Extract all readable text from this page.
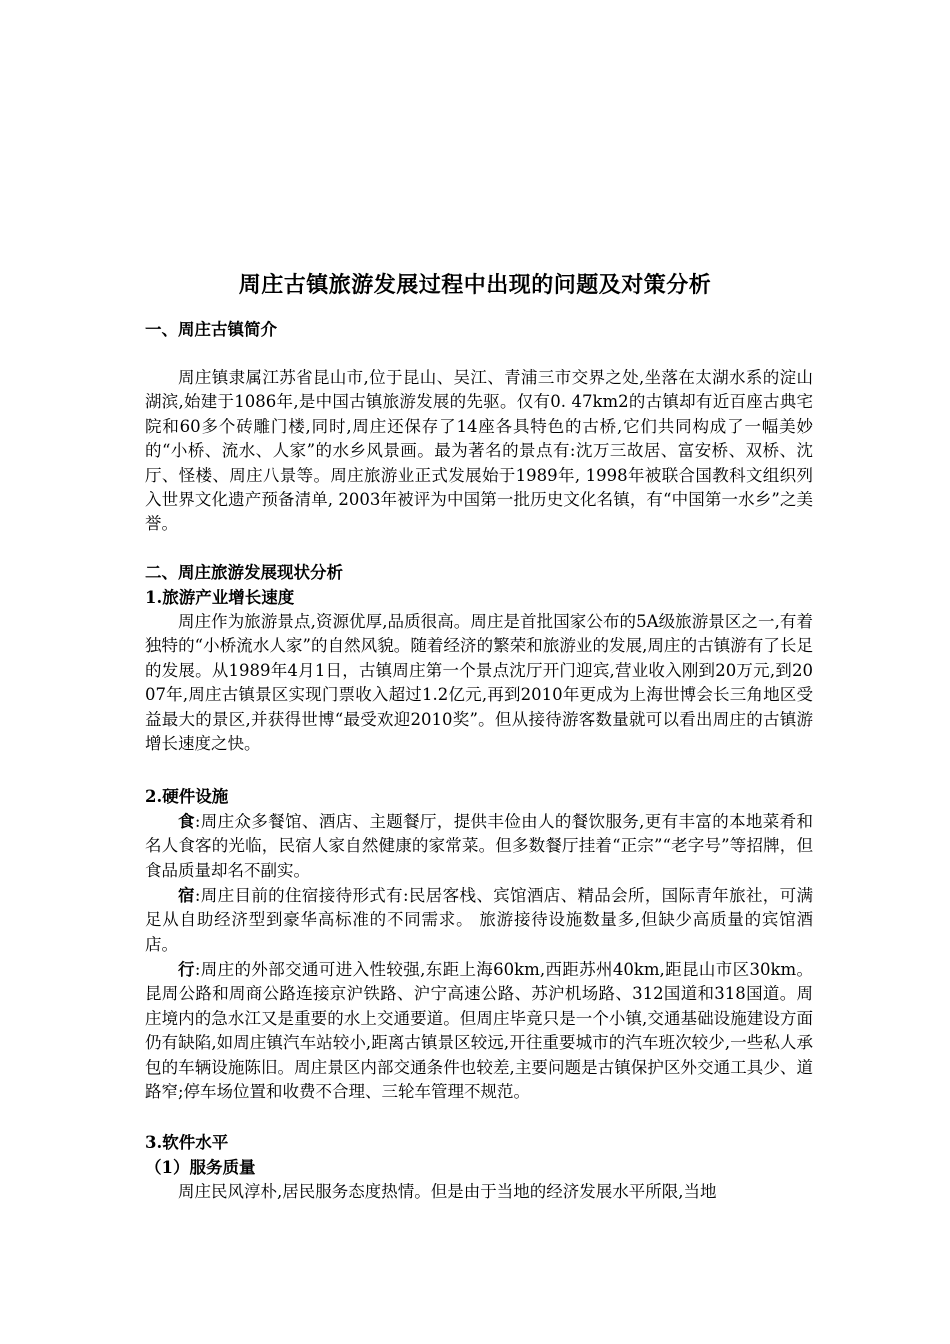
周庄古镇旅游发展过程中出现的问题及对策分析
一、周庄古镇简介
周庄镇隶属江苏省昆山市,位于昆山、吴江、青浦三市交界之处,坐落在太湖水系的淀山湖滨,始建于1086年,是中国古镇旅游发展的先驱。仅有0. 47km2的古镇却有近百座古典宅院和60多个砖雕门楼,同时,周庄还保存了14座各具特色的古桥,它们共同构成了一幅美妙的“小桥、流水、人家”的水乡风景画。最为著名的景点有:沈万三故居、富安桥、双桥、沈厅、怪楼、周庄八景等。周庄旅游业正式发展始于1989年, 1998年被联合国教科文组织列入世界文化遗产预备清单, 2003年被评为中国第一批历史文化名镇，有“中国第一水乡”之美誉。
二、周庄旅游发展现状分析
1.旅游产业增长速度
周庄作为旅游景点,资源优厚,品质很高。周庄是首批国家公布的5A级旅游景区之一,有着独特的“小桥流水人家”的自然风貌。随着经济的繁荣和旅游业的发展,周庄的古镇游有了长足的发展。从1989年4月1日，古镇周庄第一个景点沈厅开门迎宾,营业收入刚到20万元,到2007年,周庄古镇景区实现门票收入超过1.2亿元,再到2010年更成为上海世博会长三角地区受益最大的景区,并获得世博“最受欢迎2010奖”。但从接待游客数量就可以看出周庄的古镇游增长速度之快。
2.硬件设施
食:周庄众多餐馆、酒店、主题餐厅，提供丰俭由人的餐饮服务,更有丰富的本地菜肴和名人食客的光临，民宿人家自然健康的家常菜。但多数餐厅挂着“正宗”“老字号”等招牌，但食品质量却名不副实。
宿:周庄目前的住宿接待形式有:民居客栈、宾馆酒店、精品会所，国际青年旅社，可满足从自助经济型到豪华高标准的不同需求。 旅游接待设施数量多,但缺少高质量的宾馆酒店。
行:周庄的外部交通可进入性较强,东距上海60km,西距苏州40km,距昆山市区30km。昆周公路和周商公路连接京沪铁路、沪宁高速公路、苏沪机场路、312国道和318国道。周庄境内的急水江又是重要的水上交通要道。但周庄毕竟只是一个小镇,交通基础设施建设方面仍有缺陷,如周庄镇汽车站较小,距离古镇景区较远,开往重要城市的汽车班次较少,一些私人承包的车辆设施陈旧。周庄景区内部交通条件也较差,主要问题是古镇保护区外交通工具少、道路窄;停车场位置和收费不合理、三轮车管理不规范。
3.软件水平
（1）服务质量
周庄民风淳朴,居民服务态度热情。但是由于当地的经济发展水平所限,当地
